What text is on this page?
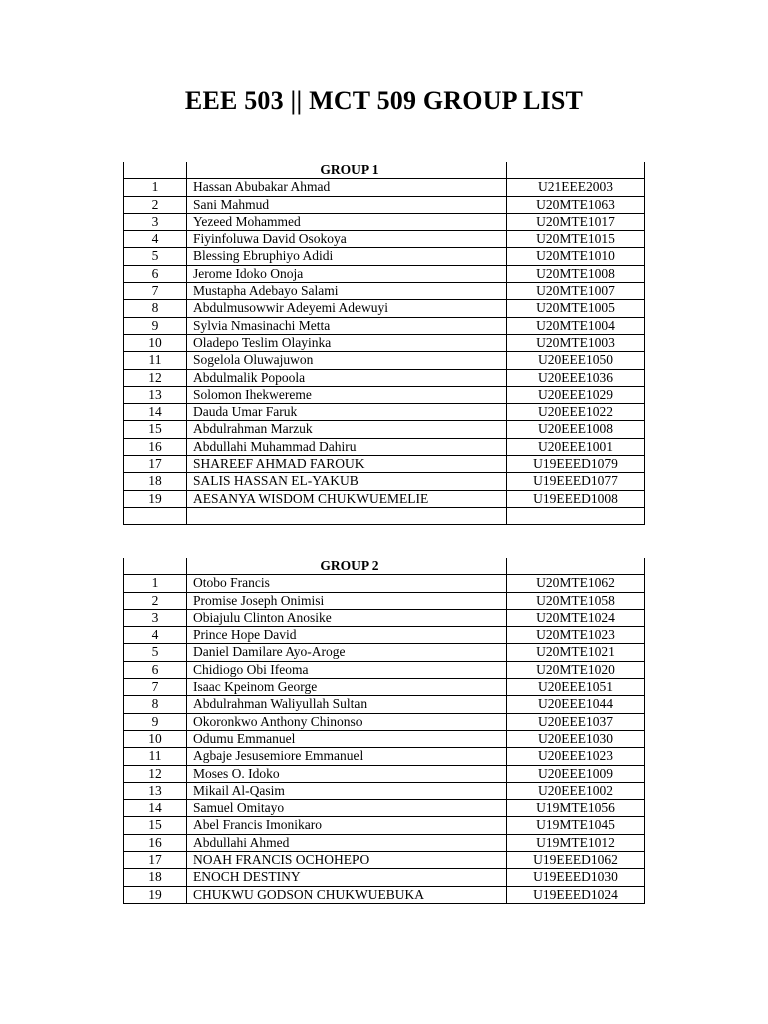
EEE 503 || MCT 509 GROUP LIST
	GROUP 1	
1	Hassan Abubakar Ahmad	U21EEE2003
2	Sani Mahmud	U20MTE1063
3	Yezeed Mohammed	U20MTE1017
4	Fiyinfoluwa David Osokoya	U20MTE1015
5	Blessing Ebruphiyo Adidi	U20MTE1010
6	Jerome Idoko Onoja	U20MTE1008
7	Mustapha Adebayo Salami	U20MTE1007
8	Abdulmusowwir Adeyemi Adewuyi	U20MTE1005
9	Sylvia Nmasinachi Metta	U20MTE1004
10	Oladepo Teslim Olayinka	U20MTE1003
11	Sogelola Oluwajuwon	U20EEE1050
12	Abdulmalik Popoola	U20EEE1036
13	Solomon Ihekwereme	U20EEE1029
14	Dauda Umar Faruk	U20EEE1022
15	Abdulrahman Marzuk	U20EEE1008
16	Abdullahi Muhammad Dahiru	U20EEE1001
17	SHAREEF AHMAD FAROUK	U19EEED1079
18	SALIS HASSAN EL-YAKUB	U19EEED1077
19	AESANYA WISDOM CHUKWUEMELIE	U19EEED1008

	GROUP 2	
1	Otobo Francis	U20MTE1062
2	Promise Joseph Onimisi	U20MTE1058
3	Obiajulu Clinton Anosike	U20MTE1024
4	Prince Hope David	U20MTE1023
5	Daniel Damilare Ayo-Aroge	U20MTE1021
6	Chidiogo Obi Ifeoma	U20MTE1020
7	Isaac Kpeinom George	U20EEE1051
8	Abdulrahman Waliyullah Sultan	U20EEE1044
9	Okoronkwo Anthony Chinonso	U20EEE1037
10	Odumu Emmanuel	U20EEE1030
11	Agbaje Jesusemiore Emmanuel	U20EEE1023
12	Moses O. Idoko	U20EEE1009
13	Mikail Al-Qasim	U20EEE1002
14	Samuel Omitayo	U19MTE1056
15	Abel Francis Imonikaro	U19MTE1045
16	Abdullahi Ahmed	U19MTE1012
17	NOAH FRANCIS OCHOHEPO	U19EEED1062
18	ENOCH DESTINY	U19EEED1030
19	CHUKWU GODSON CHUKWUEBUKA	U19EEED1024
